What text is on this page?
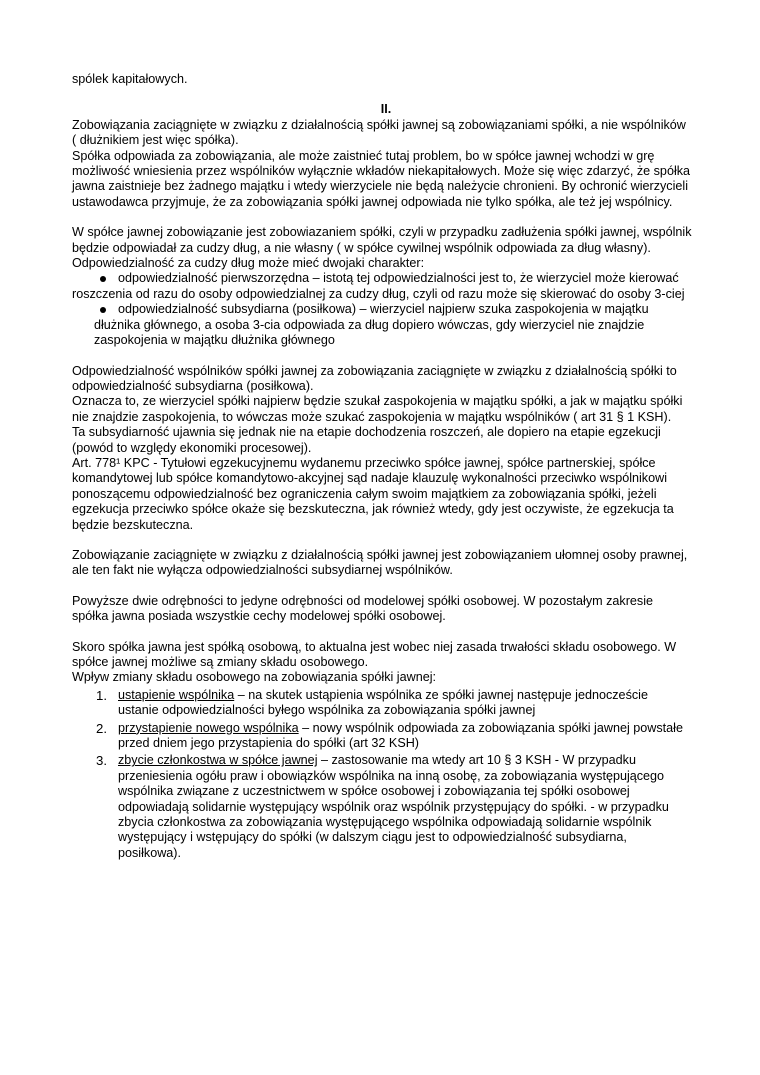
spólek kapitałowych.

II.

Zobowiązania zaciągnięte w związku z działalnością spółki jawnej są zobowiązaniami spółki, a nie wspólników ( dłużnikiem jest więc spółka).

Spółka odpowiada za zobowiązania, ale może zaistnieć tutaj problem, bo w spółce jawnej wchodzi w grę możliwość wniesienia przez wspólników wyłącznie wkładów niekapitałowych. Może się więc zdarzyć, że spółka jawna zaistnieje bez żadnego majątku i wtedy wierzyciele nie będą należycie chronieni. By ochronić wierzycieli ustawodawca przyjmuje, że za zobowiązania spółki jawnej odpowiada nie tylko spółka, ale też jej wspólnicy.

W spółce jawnej zobowiązanie jest zobowiazaniem spółki, czyli w przypadku zadłużenia spółki jawnej, wspólnik będzie odpowiadał za cudzy dług, a nie własny ( w spółce cywilnej wspólnik odpowiada za dług własny).

Odpowiedzialność za cudzy dług może mieć dwojaki charakter:

odpowiedzialność pierwszorzędna – istotą tej odpowiedzialności jest to, że wierzyciel może kierować roszczenia od razu do osoby odpowiedzialnej za cudzy dług, czyli od razu może się skierować do osoby 3-ciej
odpowiedzialność subsydiarna (posiłkowa) – wierzyciel najpierw szuka zaspokojenia w majątku dłużnika głównego, a osoba 3-cia odpowiada za dług dopiero wówczas, gdy wierzyciel nie znajdzie zaspokojenia w majątku dłużnika głównego

Odpowiedzialność wspólników spółki jawnej za zobowiązania zaciągnięte w związku z działalnością spółki to odpowiedzialność subsydiarna (posiłkowa).

Oznacza to, ze wierzyciel spółki najpierw będzie szukał zaspokojenia w majątku spółki, a jak w majątku spółki nie znajdzie zaspokojenia, to wówczas może szukać zaspokojenia w majątku wspólników ( art 31 § 1 KSH).

Ta subsydiarność ujawnia się jednak nie na etapie dochodzenia roszczeń, ale dopiero na etapie egzekucji (powód to względy ekonomiki procesowej).

Art. 778¹ KPC - Tytułowi egzekucyjnemu wydanemu przeciwko spółce jawnej, spółce partnerskiej, spółce komandytowej lub spółce komandytowo-akcyjnej sąd nadaje klauzulę wykonalności przeciwko wspólnikowi ponoszącemu odpowiedzialność bez ograniczenia całym swoim majątkiem za zobowiązania spółki, jeżeli egzekucja przeciwko spółce okaże się bezskuteczna, jak również wtedy, gdy jest oczywiste, że egzekucja ta będzie bezskuteczna.

Zobowiązanie zaciągnięte w związku z działalnością spółki jawnej jest zobowiązaniem ułomnej osoby prawnej, ale ten fakt nie wyłącza odpowiedzialności subsydiarnej wspólników.

Powyższe dwie odrębności to jedyne odrębności od modelowej spółki osobowej. W pozostałym zakresie spółka jawna posiada wszystkie cechy modelowej spółki osobowej.

Skoro spółka jawna jest spółką osobową, to aktualna jest wobec niej zasada trwałości składu osobowego. W spółce jawnej możliwe są zmiany składu osobowego.

Wpływ zmiany składu osobowego na zobowiązania spółki jawnej:

1. ustapienie wspólnika – na skutek ustąpienia wspólnika ze spółki jawnej następuje jednoczeście ustanie odpowiedzialności byłego wspólnika za zobowiązania spółki jawnej
2. przystapienie nowego wspólnika – nowy wspólnik odpowiada za zobowiązania spółki jawnej powstałe przed dniem jego przystapienia do spółki (art 32 KSH)
3. zbycie członkostwa w spółce jawnej – zastosowanie ma wtedy art 10 § 3 KSH - W przypadku przeniesienia ogółu praw i obowiązków wspólnika na inną osobę, za zobowiązania występującego wspólnika związane z uczestnictwem w spółce osobowej i zobowiązania tej spółki osobowej odpowiadają solidarnie występujący wspólnik oraz wspólnik przystępujący do spółki. - w przypadku zbycia członkostwa za zobowiązania występującego wspólnika odpowiadają solidarnie wspólnik występujący i wstępujący do spółki (w dalszym ciągu jest to odpowiedzialność subsydiarna, posiłkowa).
